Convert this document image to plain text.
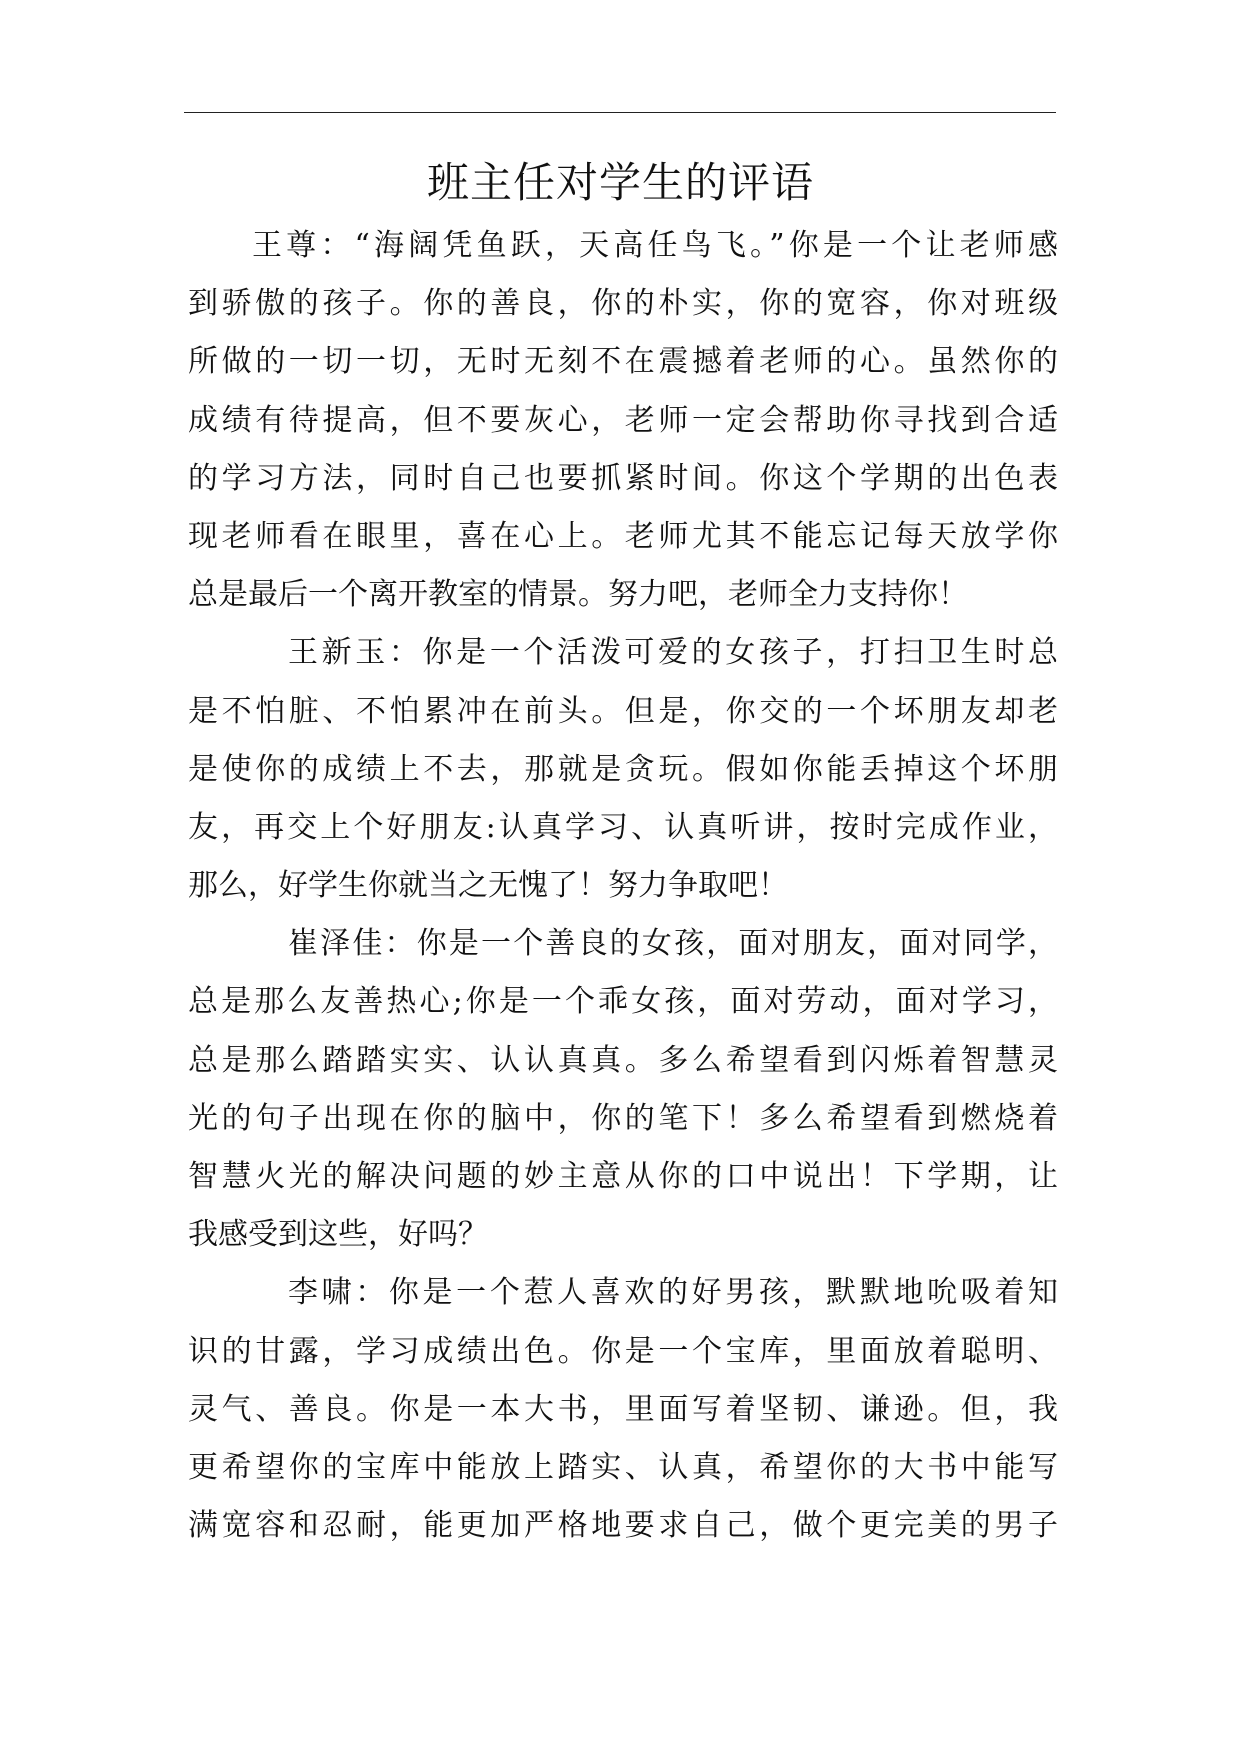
班主任对学生的评语
王尊：“海阔凭鱼跃，天高任鸟飞。”你是一个让老师感
到骄傲的孩子。你的善良，你的朴实，你的宽容，你对班级
所做的一切一切，无时无刻不在震撼着老师的心。虽然你的
成绩有待提高，但不要灰心，老师一定会帮助你寻找到合适
的学习方法，同时自己也要抓紧时间。你这个学期的出色表
现老师看在眼里，喜在心上。老师尤其不能忘记每天放学你
总是最后一个离开教室的情景。努力吧，老师全力支持你！
王新玉：你是一个活泼可爱的女孩子，打扫卫生时总
是不怕脏、不怕累冲在前头。但是，你交的一个坏朋友却老
是使你的成绩上不去，那就是贪玩。假如你能丢掉这个坏朋
友，再交上个好朋友:认真学习、认真听讲，按时完成作业，
那么，好学生你就当之无愧了！努力争取吧！
崔泽佳：你是一个善良的女孩，面对朋友，面对同学，
总是那么友善热心;你是一个乖女孩，面对劳动，面对学习，
总是那么踏踏实实、认认真真。多么希望看到闪烁着智慧灵
光的句子出现在你的脑中，你的笔下！多么希望看到燃烧着
智慧火光的解决问题的妙主意从你的口中说出！下学期，让
我感受到这些，好吗？
李啸：你是一个惹人喜欢的好男孩，默默地吮吸着知
识的甘露，学习成绩出色。你是一个宝库，里面放着聪明、
灵气、善良。你是一本大书，里面写着坚韧、谦逊。但，我
更希望你的宝库中能放上踏实、认真，希望你的大书中能写
满宽容和忍耐，能更加严格地要求自己，做个更完美的男子
